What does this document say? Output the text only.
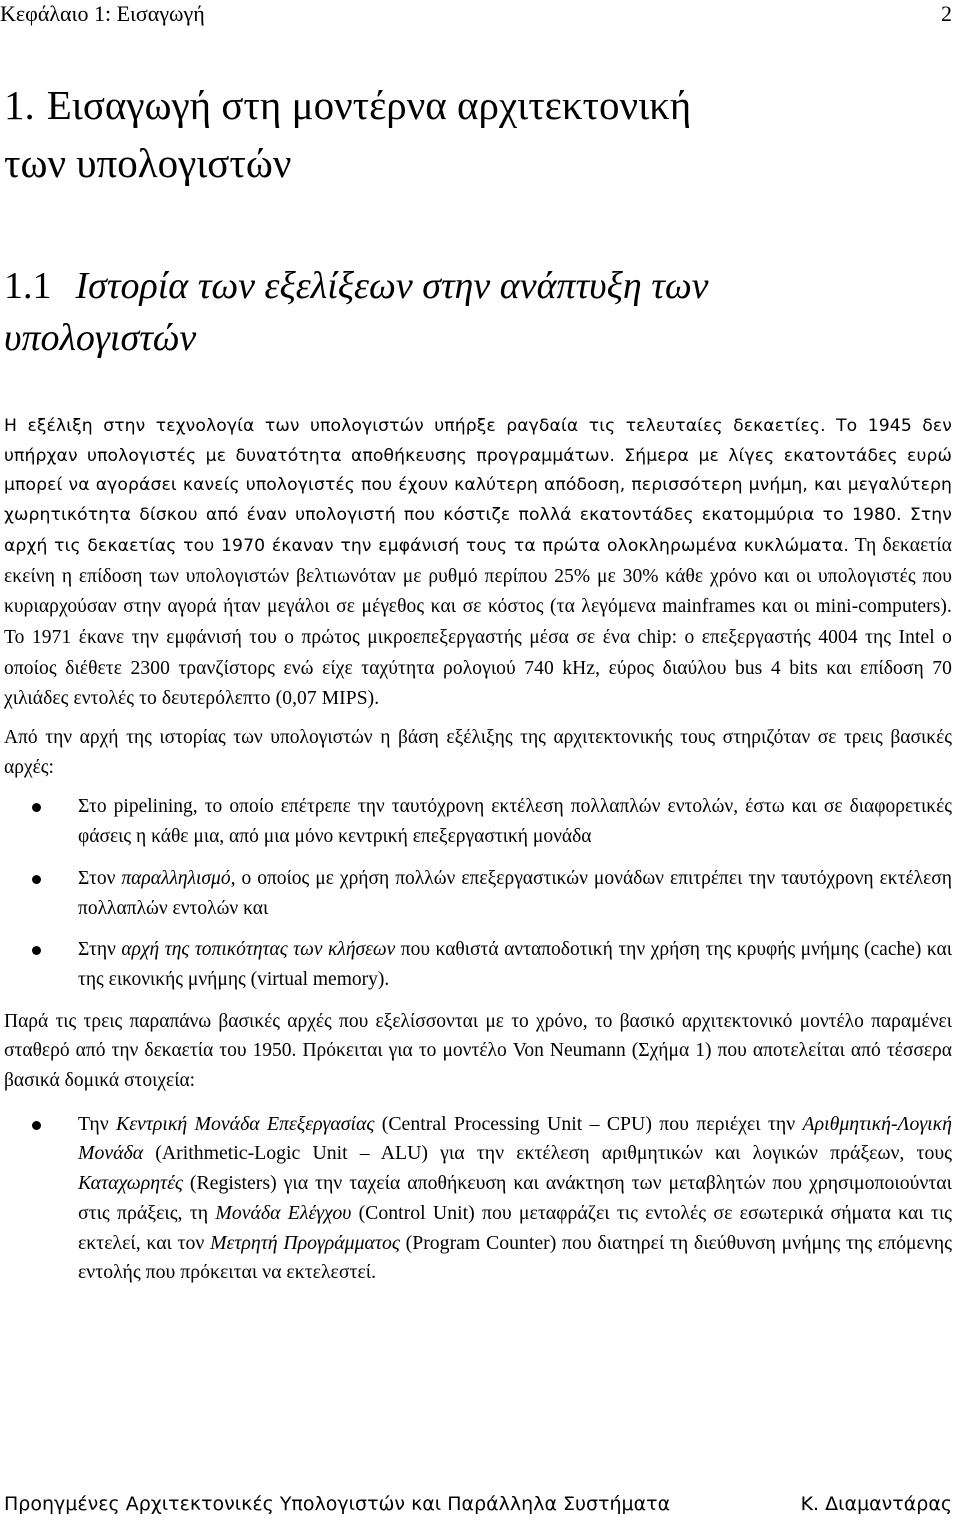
Κεφάλαιο 1: Εισαγωγή	2
1. Εισαγωγή στη μοντέρνα αρχιτεκτονική
των υπολογιστών
1.1 Ιστορία των εξελίξεων στην ανάπτυξη των
υπολογιστών

Η εξέλιξη στην τεχνολογία των υπολογιστών υπήρξε ραγδαία τις τελευταίες δεκαετίες. Το 1945 δεν υπήρχαν υπολογιστές με δυνατότητα αποθήκευσης προγραμμάτων. Σήμερα με λίγες εκατοντάδες ευρώ μπορεί να αγοράσει κανείς υπολογιστές που έχουν καλύτερη απόδοση, περισσότερη μνήμη, και μεγαλύτερη χωρητικότητα δίσκου από έναν υπολογιστή που κόστιζε πολλά εκατοντάδες εκατομμύρια το 1980. Στην αρχή τις δεκαετίας του 1970 έκαναν την εμφάνισή τους τα πρώτα ολοκληρωμένα κυκλώματα. Τη δεκαετία εκείνη η επίδοση των υπολογιστών βελτιωνόταν με ρυθμό περίπου 25% με 30% κάθε χρόνο και οι υπολογιστές που κυριαρχούσαν στην αγορά ήταν μεγάλοι σε μέγεθος και σε κόστος (τα λεγόμενα mainframes και οι mini-computers). Το 1971 έκανε την εμφάνισή του ο πρώτος μικροεπεξεργαστής μέσα σε ένα chip: ο επεξεργαστής 4004 της Intel ο οποίος διέθετε 2300 τρανζίστορς ενώ είχε ταχύτητα ρολογιού 740 kHz, εύρος διαύλου bus 4 bits και επίδοση 70 χιλιάδες εντολές το δευτερόλεπτο (0,07 MIPS).

Από την αρχή της ιστορίας των υπολογιστών η βάση εξέλιξης της αρχιτεκτονικής τους στηριζόταν σε τρεις βασικές αρχές:

Στο pipelining, το οποίο επέτρεπε την ταυτόχρονη εκτέλεση πολλαπλών εντολών, έστω και σε διαφορετικές φάσεις η κάθε μια, από μια μόνο κεντρική επεξεργαστική μονάδα
Στον παραλληλισμό, ο οποίος με χρήση πολλών επεξεργαστικών μονάδων επιτρέπει την ταυτόχρονη εκτέλεση πολλαπλών εντολών και
Στην αρχή της τοπικότητας των κλήσεων που καθιστά ανταποδοτική την χρήση της κρυφής μνήμης (cache) και της εικονικής μνήμης (virtual memory).

Παρά τις τρεις παραπάνω βασικές αρχές που εξελίσσονται με το χρόνο, το βασικό αρχιτεκτονικό μοντέλο παραμένει σταθερό από την δεκαετία του 1950. Πρόκειται για το μοντέλο Von Neumann (Σχήμα 1) που αποτελείται από τέσσερα βασικά δομικά στοιχεία:

Την Κεντρική Μονάδα Επεξεργασίας (Central Processing Unit – CPU) που περιέχει την Αριθμητική-Λογική Μονάδα (Arithmetic-Logic Unit – ALU) για την εκτέλεση αριθμητικών και λογικών πράξεων, τους Καταχωρητές (Registers) για την ταχεία αποθήκευση και ανάκτηση των μεταβλητών που χρησιμοποιούνται στις πράξεις, τη Μονάδα Ελέγχου (Control Unit) που μεταφράζει τις εντολές σε εσωτερικά σήματα και τις εκτελεί, και τον Μετρητή Προγράμματος (Program Counter) που διατηρεί τη διεύθυνση μνήμης της επόμενης εντολής που πρόκειται να εκτελεστεί.
Προηγμένες Αρχιτεκτονικές Υπολογιστών και Παράλληλα Συστήματα	Κ. Διαμαντάρας
